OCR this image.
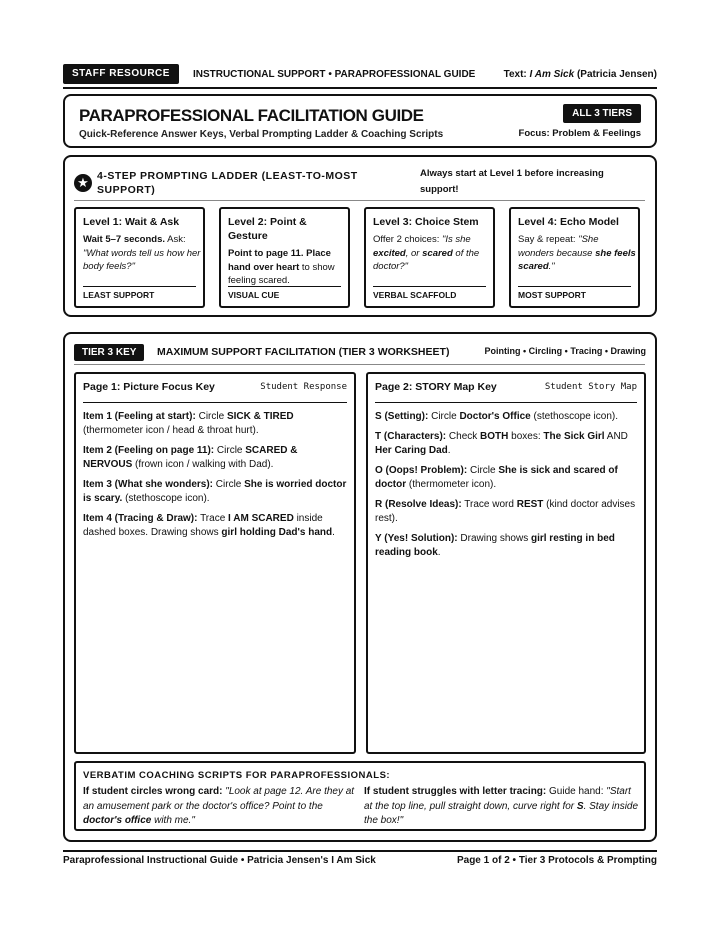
STAFF RESOURCE	INSTRUCTIONAL SUPPORT • PARAPROFESSIONAL GUIDE	Text: I Am Sick (Patricia Jensen)
PARAPROFESSIONAL FACILITATION GUIDE
Quick-Reference Answer Keys, Verbal Prompting Ladder & Coaching Scripts
ALL 3 TIERS
Focus: Problem & Feelings
★ 4-STEP PROMPTING LADDER (LEAST-TO-MOST SUPPORT)
Always start at Level 1 before increasing support!
Level 1: Wait & Ask
Wait 5–7 seconds. Ask: "What words tell us how her body feels?"
LEAST SUPPORT
Level 2: Point & Gesture
Point to page 11. Place hand over heart to show feeling scared.
VISUAL CUE
Level 3: Choice Stem
Offer 2 choices: "Is she excited, or scared of the doctor?"
VERBAL SCAFFOLD
Level 4: Echo Model
Say & repeat: "She wonders because she feels scared."
MOST SUPPORT
TIER 3 KEY	MAXIMUM SUPPORT FACILITATION (TIER 3 WORKSHEET)	Pointing • Circling • Tracing • Drawing
Page 1: Picture Focus Key	Student Response
Item 1 (Feeling at start): Circle SICK & TIRED (thermometer icon / head & throat hurt).
Item 2 (Feeling on page 11): Circle SCARED & NERVOUS (frown icon / walking with Dad).
Item 3 (What she wonders): Circle She is worried doctor is scary. (stethoscope icon).
Item 4 (Tracing & Draw): Trace I AM SCARED inside dashed boxes. Drawing shows girl holding Dad's hand.
Page 2: STORY Map Key	Student Story Map
S (Setting): Circle Doctor's Office (stethoscope icon).
T (Characters): Check BOTH boxes: The Sick Girl AND Her Caring Dad.
O (Oops! Problem): Circle She is sick and scared of doctor (thermometer icon).
R (Resolve Ideas): Trace word REST (kind doctor advises rest).
Y (Yes! Solution): Drawing shows girl resting in bed reading book.
VERBATIM COACHING SCRIPTS FOR PARAPROFESSIONALS:
If student circles wrong card: "Look at page 12. Are they at an amusement park or the doctor's office? Point to the doctor's office with me."
If student struggles with letter tracing: Guide hand: "Start at the top line, pull straight down, curve right for S. Stay inside the box!"
Paraprofessional Instructional Guide • Patricia Jensen's I Am Sick	Page 1 of 2 • Tier 3 Protocols & Prompting
